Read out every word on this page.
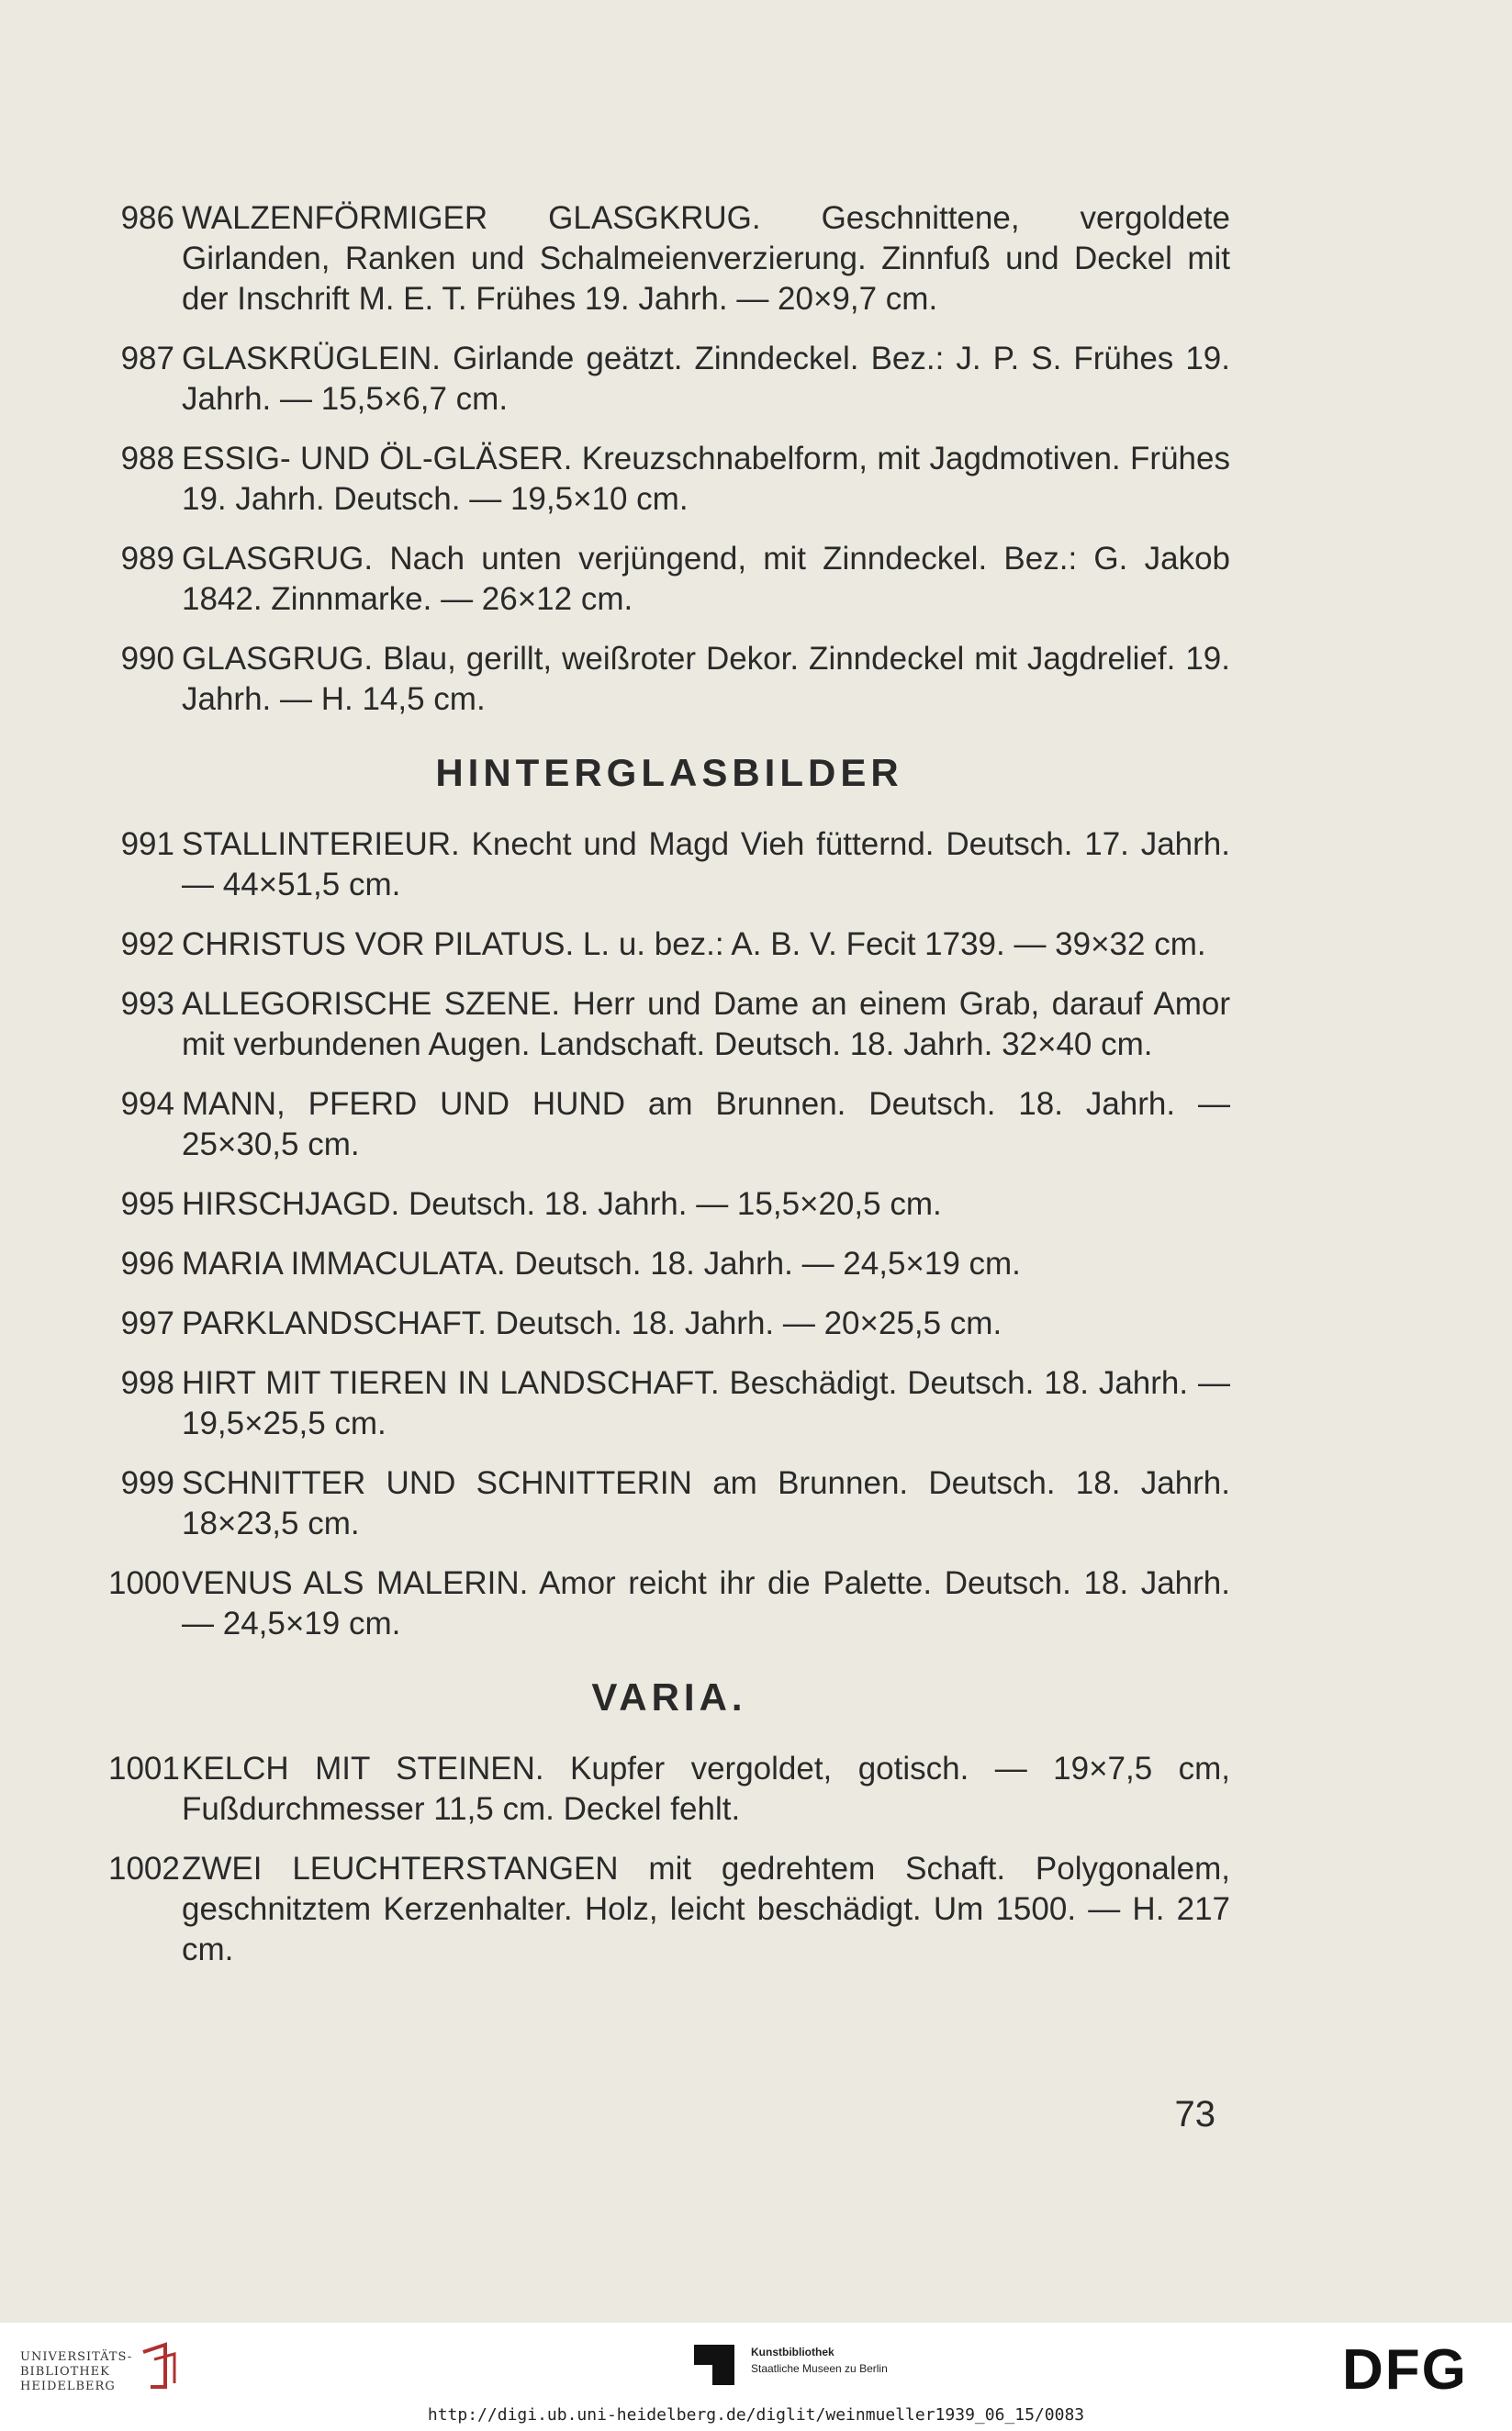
986 WALZENFÖRMIGER GLASGKRUG. Geschnittene, vergoldete Girlanden, Ranken und Schalmeienverzierung. Zinnfuß und Deckel mit der Inschrift M. E. T. Frühes 19. Jahrh. — 20×9,7 cm.
987 GLASKRÜGLEIN. Girlande geätzt. Zinndeckel. Bez.: J. P. S. Frühes 19. Jahrh. — 15,5×6,7 cm.
988 ESSIG- UND ÖL-GLÄSER. Kreuzschnabelform, mit Jagdmotiven. Frühes 19. Jahrh. Deutsch. — 19,5×10 cm.
989 GLASGRUG. Nach unten verjüngend, mit Zinndeckel. Bez.: G. Jakob 1842. Zinnmarke. — 26×12 cm.
990 GLASGRUG. Blau, gerillt, weißroter Dekor. Zinndeckel mit Jagdrelief. 19. Jahrh. — H. 14,5 cm.
HINTERGLASBILDER
991 STALLINTERIEUR. Knecht und Magd Vieh fütternd. Deutsch. 17. Jahrh. — 44×51,5 cm.
992 CHRISTUS VOR PILATUS. L. u. bez.: A. B. V. Fecit 1739. — 39×32 cm.
993 ALLEGORISCHE SZENE. Herr und Dame an einem Grab, darauf Amor mit verbundenen Augen. Landschaft. Deutsch. 18. Jahrh. 32×40 cm.
994 MANN, PFERD UND HUND am Brunnen. Deutsch. 18. Jahrh. — 25×30,5 cm.
995 HIRSCHJAGD. Deutsch. 18. Jahrh. — 15,5×20,5 cm.
996 MARIA IMMACULATA. Deutsch. 18. Jahrh. — 24,5×19 cm.
997 PARKLANDSCHAFT. Deutsch. 18. Jahrh. — 20×25,5 cm.
998 HIRT MIT TIEREN IN LANDSCHAFT. Beschädigt. Deutsch. 18. Jahrh. — 19,5×25,5 cm.
999 SCHNITTER UND SCHNITTERIN am Brunnen. Deutsch. 18. Jahrh. 18×23,5 cm.
1000 VENUS ALS MALERIN. Amor reicht ihr die Palette. Deutsch. 18. Jahrh. — 24,5×19 cm.
VARIA.
1001 KELCH MIT STEINEN. Kupfer vergoldet, gotisch. — 19×7,5 cm, Fußdurchmesser 11,5 cm. Deckel fehlt.
1002 ZWEI LEUCHTERSTANGEN mit gedrehtem Schaft. Polygonalem, geschnitztem Kerzenhalter. Holz, leicht beschädigt. Um 1500. — H. 217 cm.
73
UNIVERSITÄTS-
BIBLIOTHEK
HEIDELBERG
Kunstbibliothek
Staatliche Museen zu Berlin	DFG
http://digi.ub.uni-heidelberg.de/diglit/weinmueller1939_06_15/0083
